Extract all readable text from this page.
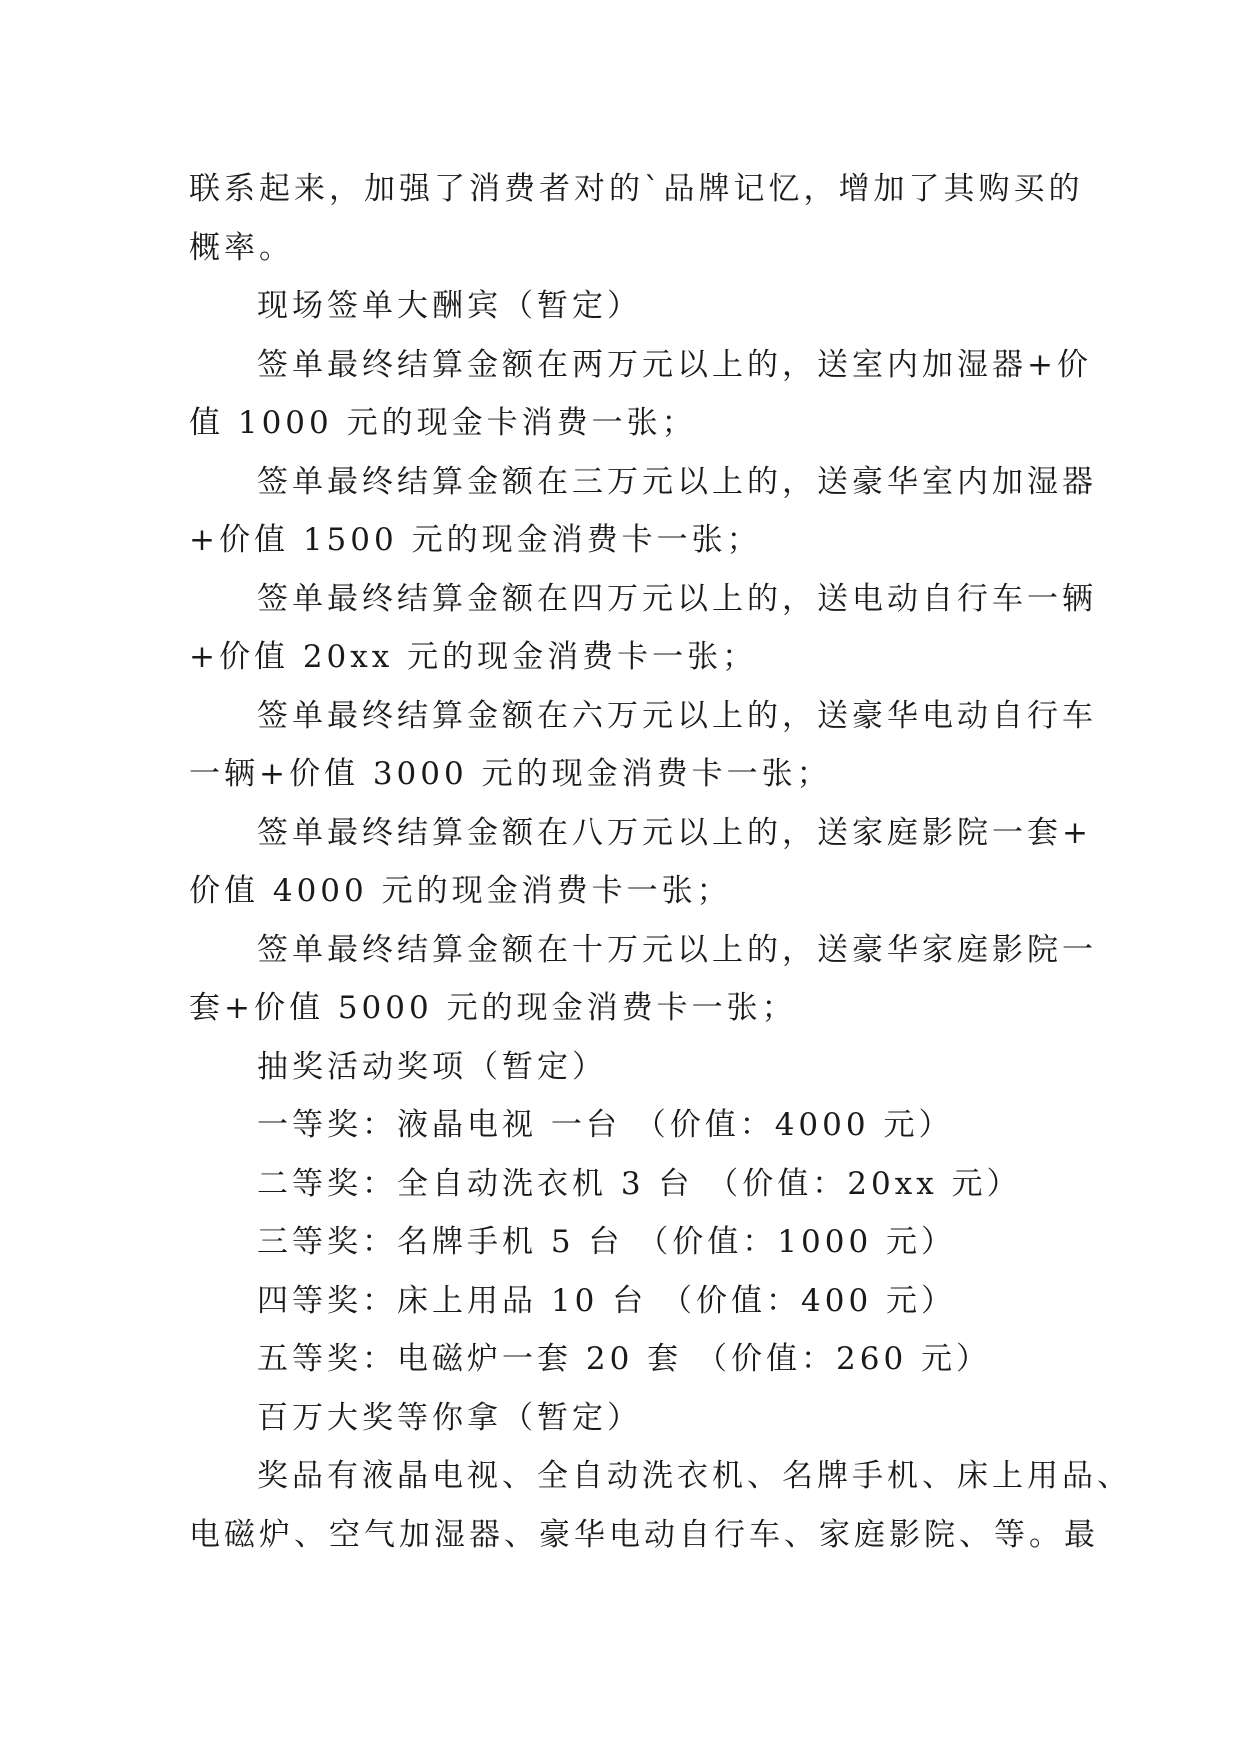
联系起来，加强了消费者对的`品牌记忆，增加了其购买的
概率。
现场签单大酬宾（暂定）
签单最终结算金额在两万元以上的，送室内加湿器+价
值 1000 元的现金卡消费一张；
签单最终结算金额在三万元以上的，送豪华室内加湿器
+价值 1500 元的现金消费卡一张；
签单最终结算金额在四万元以上的，送电动自行车一辆
+价值 20xx 元的现金消费卡一张；
签单最终结算金额在六万元以上的，送豪华电动自行车
一辆+价值 3000 元的现金消费卡一张；
签单最终结算金额在八万元以上的，送家庭影院一套+
价值 4000 元的现金消费卡一张；
签单最终结算金额在十万元以上的，送豪华家庭影院一
套+价值 5000 元的现金消费卡一张；
抽奖活动奖项（暂定）
一等奖：液晶电视 一台 （价值：4000 元）
二等奖：全自动洗衣机 3 台 （价值：20xx 元）
三等奖：名牌手机 5 台 （价值：1000 元）
四等奖：床上用品 10 台 （价值：400 元）
五等奖：电磁炉一套 20 套 （价值：260 元）
百万大奖等你拿（暂定）
奖品有液晶电视、全自动洗衣机、名牌手机、床上用品、
电磁炉、空气加湿器、豪华电动自行车、家庭影院、等。最
